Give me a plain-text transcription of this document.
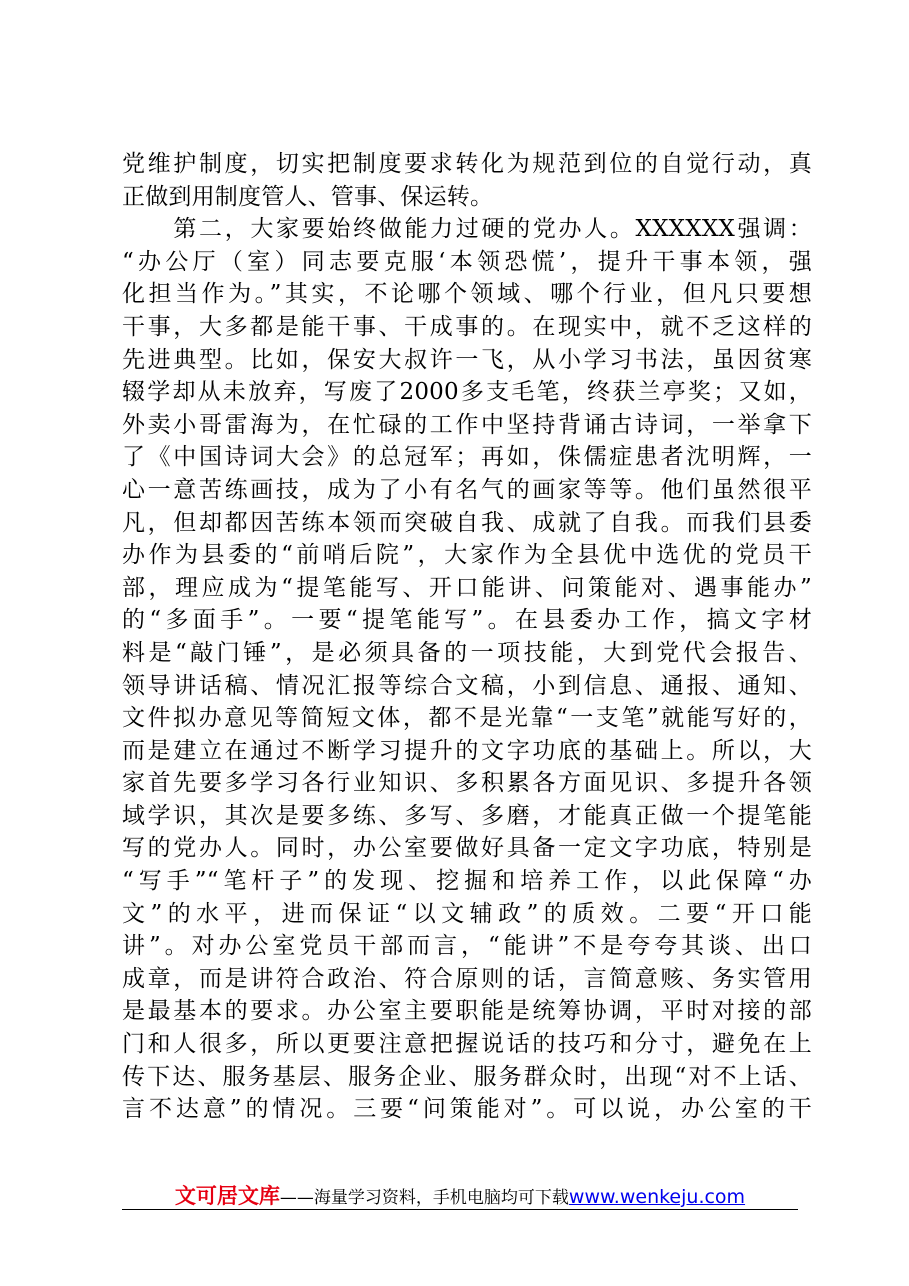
党维护制度，切实把制度要求转化为规范到位的自觉行动，真
正做到用制度管人、管事、保运转。
　　第二，大家要始终做能力过硬的党办人。XXXXXX强调：
“办公厅（室）同志要克服‘本领恐慌’，提升干事本领，强
化担当作为。”其实，不论哪个领域、哪个行业，但凡只要想
干事，大多都是能干事、干成事的。在现实中，就不乏这样的
先进典型。比如，保安大叔许一飞，从小学习书法，虽因贫寒
辍学却从未放弃，写废了2000多支毛笔，终获兰亭奖；又如，
外卖小哥雷海为，在忙碌的工作中坚持背诵古诗词，一举拿下
了《中国诗词大会》的总冠军；再如，侏儒症患者沈明辉，一
心一意苦练画技，成为了小有名气的画家等等。他们虽然很平
凡，但却都因苦练本领而突破自我、成就了自我。而我们县委
办作为县委的“前哨后院”，大家作为全县优中选优的党员干
部，理应成为“提笔能写、开口能讲、问策能对、遇事能办”
的“多面手”。一要“提笔能写”。在县委办工作，搞文字材
料是“敲门锤”，是必须具备的一项技能，大到党代会报告、
领导讲话稿、情况汇报等综合文稿，小到信息、通报、通知、
文件拟办意见等简短文体，都不是光靠“一支笔”就能写好的，
而是建立在通过不断学习提升的文字功底的基础上。所以，大
家首先要多学习各行业知识、多积累各方面见识、多提升各领
域学识，其次是要多练、多写、多磨，才能真正做一个提笔能
写的党办人。同时，办公室要做好具备一定文字功底，特别是
“写手”“笔杆子”的发现、挖掘和培养工作，以此保障“办
文”的水平，进而保证“以文辅政”的质效。二要“开口能
讲”。对办公室党员干部而言，“能讲”不是夸夸其谈、出口
成章，而是讲符合政治、符合原则的话，言简意赅、务实管用
是最基本的要求。办公室主要职能是统筹协调，平时对接的部
门和人很多，所以更要注意把握说话的技巧和分寸，避免在上
传下达、服务基层、服务企业、服务群众时，出现“对不上话、
言不达意”的情况。三要“问策能对”。可以说，办公室的干
文可居文库——海量学习资料，手机电脑均可下载www.wenkeju.com
